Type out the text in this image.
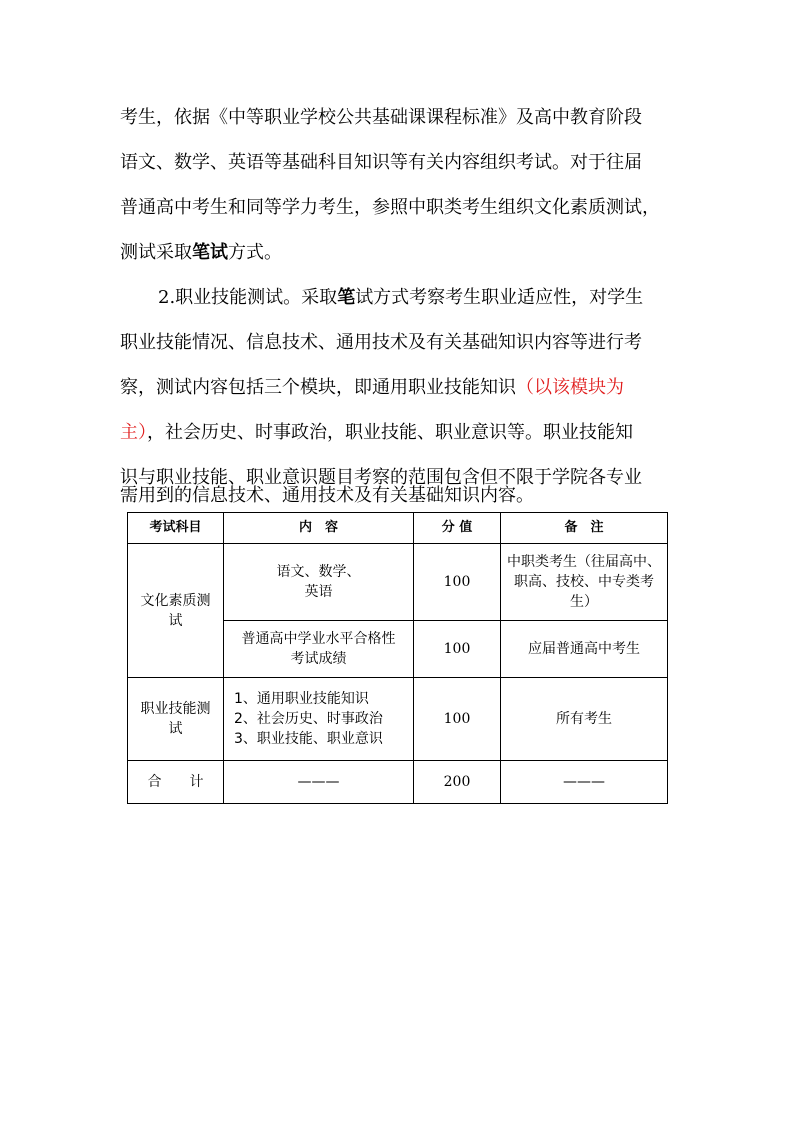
考生，依据《中等职业学校公共基础课课程标准》及高中教育阶段
语文、数学、英语等基础科目知识等有关内容组织考试。对于往届
普通高中考生和同等学力考生，参照中职类考生组织文化素质测试，
测试采取笔试方式。
2.职业技能测试。采取笔试方式考察考生职业适应性，对学生
职业技能情况、信息技术、通用技术及有关基础知识内容等进行考
察，测试内容包括三个模块，即通用职业技能知识（以该模块为
主），社会历史、时事政治，职业技能、职业意识等。职业技能知
识与职业技能、职业意识题目考察的范围包含但不限于学院各专业
需用到的信息技术、通用技术及有关基础知识内容。
考试科目	内　容	分 值	备　注
文化素质测试	语文、数学、
英语	100	中职类考生（往届高中、职高、技校、中专类考生）

	普通高中学业水平合格性
考试成绩	100	应届普通高中考生
职业技能测试	1、通用职业技能知识
2、社会历史、时事政治
3、职业技能、职业意识	100	所有考生
合　　计	———	200	———
